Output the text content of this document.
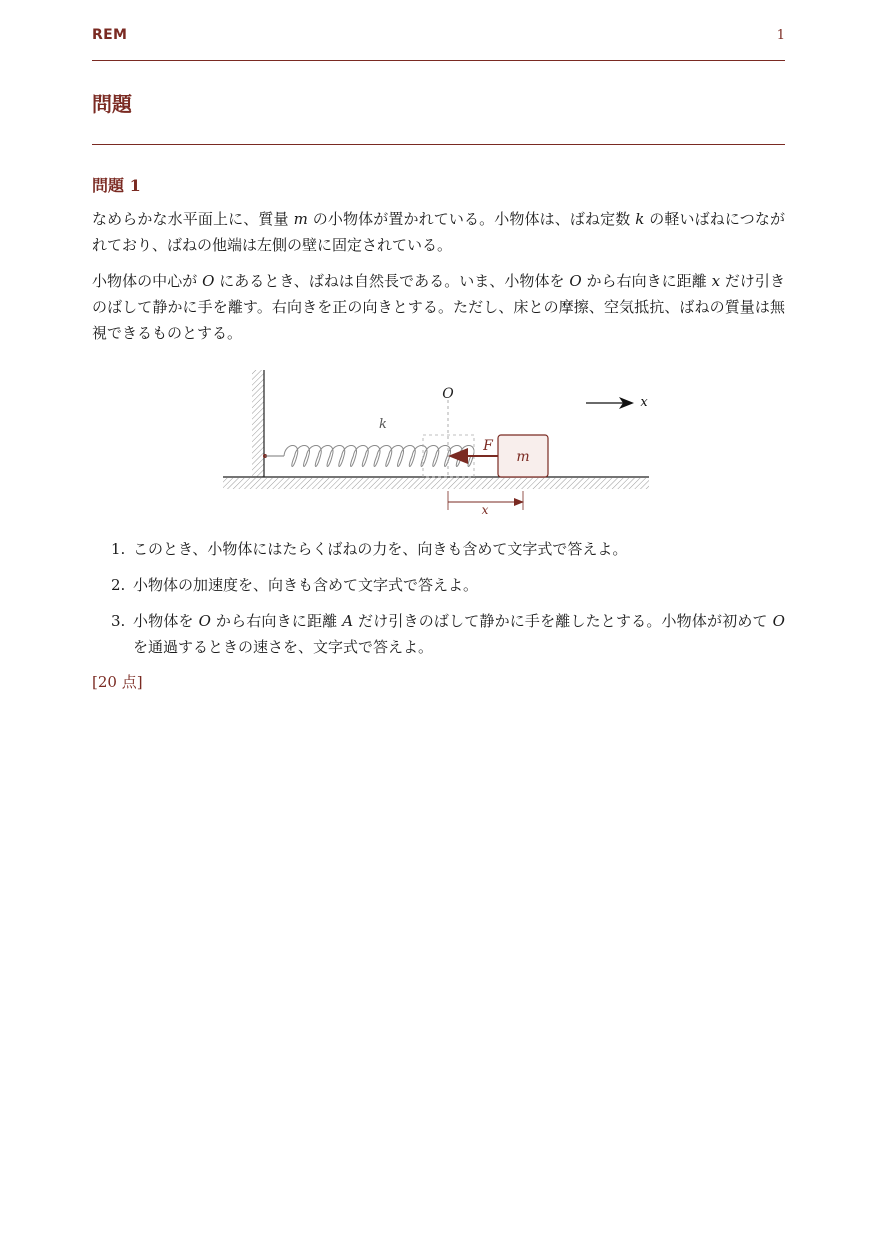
REM	1
問題
問題 1

なめらかな水平面上に、質量 m の小物体が置かれている。小物体は、ばね定数 k の軽いばねにつながれており、ばねの他端は左側の壁に固定されている。

小物体の中心が O にあるとき、ばねは自然長である。いま、小物体を O から右向きに距離 x だけ引きのばして静かに手を離す。右向きを正の向きとする。ただし、床との摩擦、空気抵抗、ばねの質量は無視できるものとする。

O
k
m
F
x
x
1. このとき、小物体にはたらくばねの力を、向きも含めて文字式で答えよ。
2. 小物体の加速度を、向きも含めて文字式で答えよ。
3. 小物体を O から右向きに距離 A だけ引きのばして静かに手を離したとする。小物体が初めて O を通過するときの速さを、文字式で答えよ。
[20 点]
